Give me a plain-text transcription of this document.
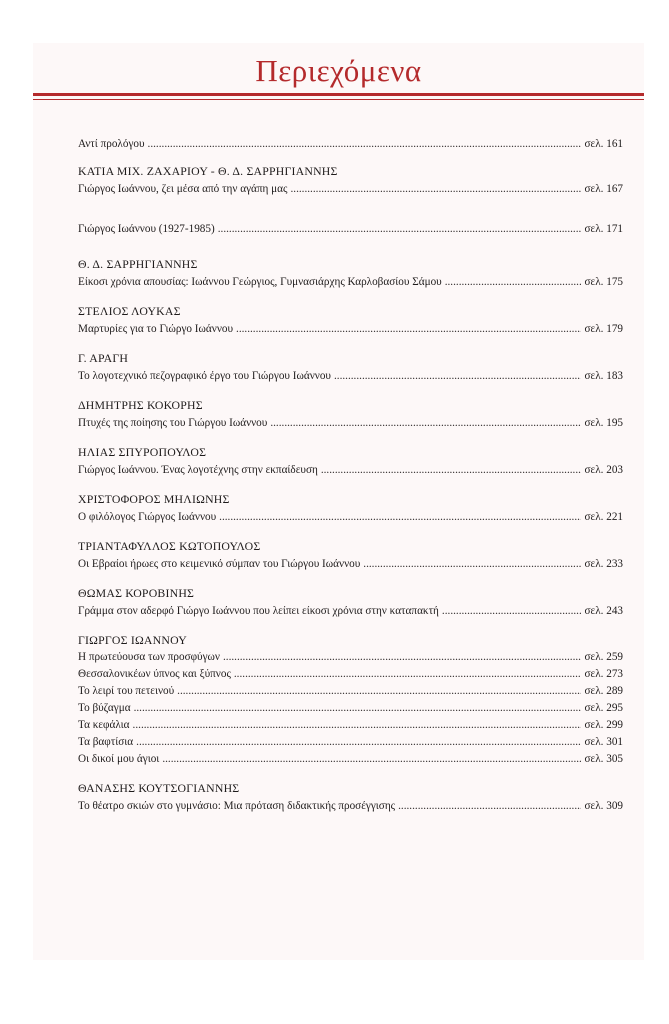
Περιεχόμενα
Αντί προλόγου .....	σελ. 161
ΚΑΤΙΑ ΜΙΧ. ΖΑΧΑΡΙΟΥ - Θ. Δ. ΣΑΡΡΗΓΙΑΝΝΗΣ
Γιώργος Ιωάννου, ζει μέσα από την αγάπη μας .....	σελ. 167
Γιώργος Ιωάννου (1927-1985) .....	σελ. 171
Θ. Δ. ΣΑΡΡΗΓΙΑΝΝΗΣ
Είκοσι χρόνια απουσίας: Ιωάννου Γεώργιος, Γυμνασιάρχης Καρλοβασίου Σάμου .....	σελ. 175
ΣΤΕΛΙΟΣ ΛΟΥΚΑΣ
Μαρτυρίες για το Γιώργο Ιωάννου .....	σελ. 179
Γ. ΑΡΑΓΗ
Το λογοτεχνικό πεζογραφικό έργο του Γιώργου Ιωάννου .....	σελ. 183
ΔΗΜΗΤΡΗΣ ΚΟΚΟΡΗΣ
Πτυχές της ποίησης του Γιώργου Ιωάννου .....	σελ. 195
ΗΛΙΑΣ ΣΠΥΡΟΠΟΥΛΟΣ
Γιώργος Ιωάννου. Ένας λογοτέχνης στην εκπαίδευση .....	σελ. 203
ΧΡΙΣΤΟΦΟΡΟΣ ΜΗΛΙΩΝΗΣ
Ο φιλόλογος Γιώργος Ιωάννου .....	σελ. 221
ΤΡΙΑΝΤΑΦΥΛΛΟΣ ΚΩΤΟΠΟΥΛΟΣ
Οι Εβραίοι ήρωες στο κειμενικό σύμπαν του Γιώργου Ιωάννου .....	σελ. 233
ΘΩΜΑΣ ΚΟΡΟΒΙΝΗΣ
Γράμμα στον αδερφό Γιώργο Ιωάννου που λείπει είκοσι χρόνια στην καταπακτή .....	σελ. 243
ΓΙΩΡΓΟΣ ΙΩΑΝΝΟΥ
Η πρωτεύουσα των προσφύγων .....	σελ. 259
Θεσσαλονικέων ύπνος και ξύπνος .....	σελ. 273
Το λειρί του πετεινού .....	σελ. 289
Το βύζαγμα .....	σελ. 295
Τα κεφάλια .....	σελ. 299
Τα βαφτίσια .....	σελ. 301
Οι δικοί μου άγιοι .....	σελ. 305
ΘΑΝΑΣΗΣ ΚΟΥΤΣΟΓΙΑΝΝΗΣ
Το θέατρο σκιών στο γυμνάσιο: Μια πρόταση διδακτικής προσέγγισης .....	σελ. 309
